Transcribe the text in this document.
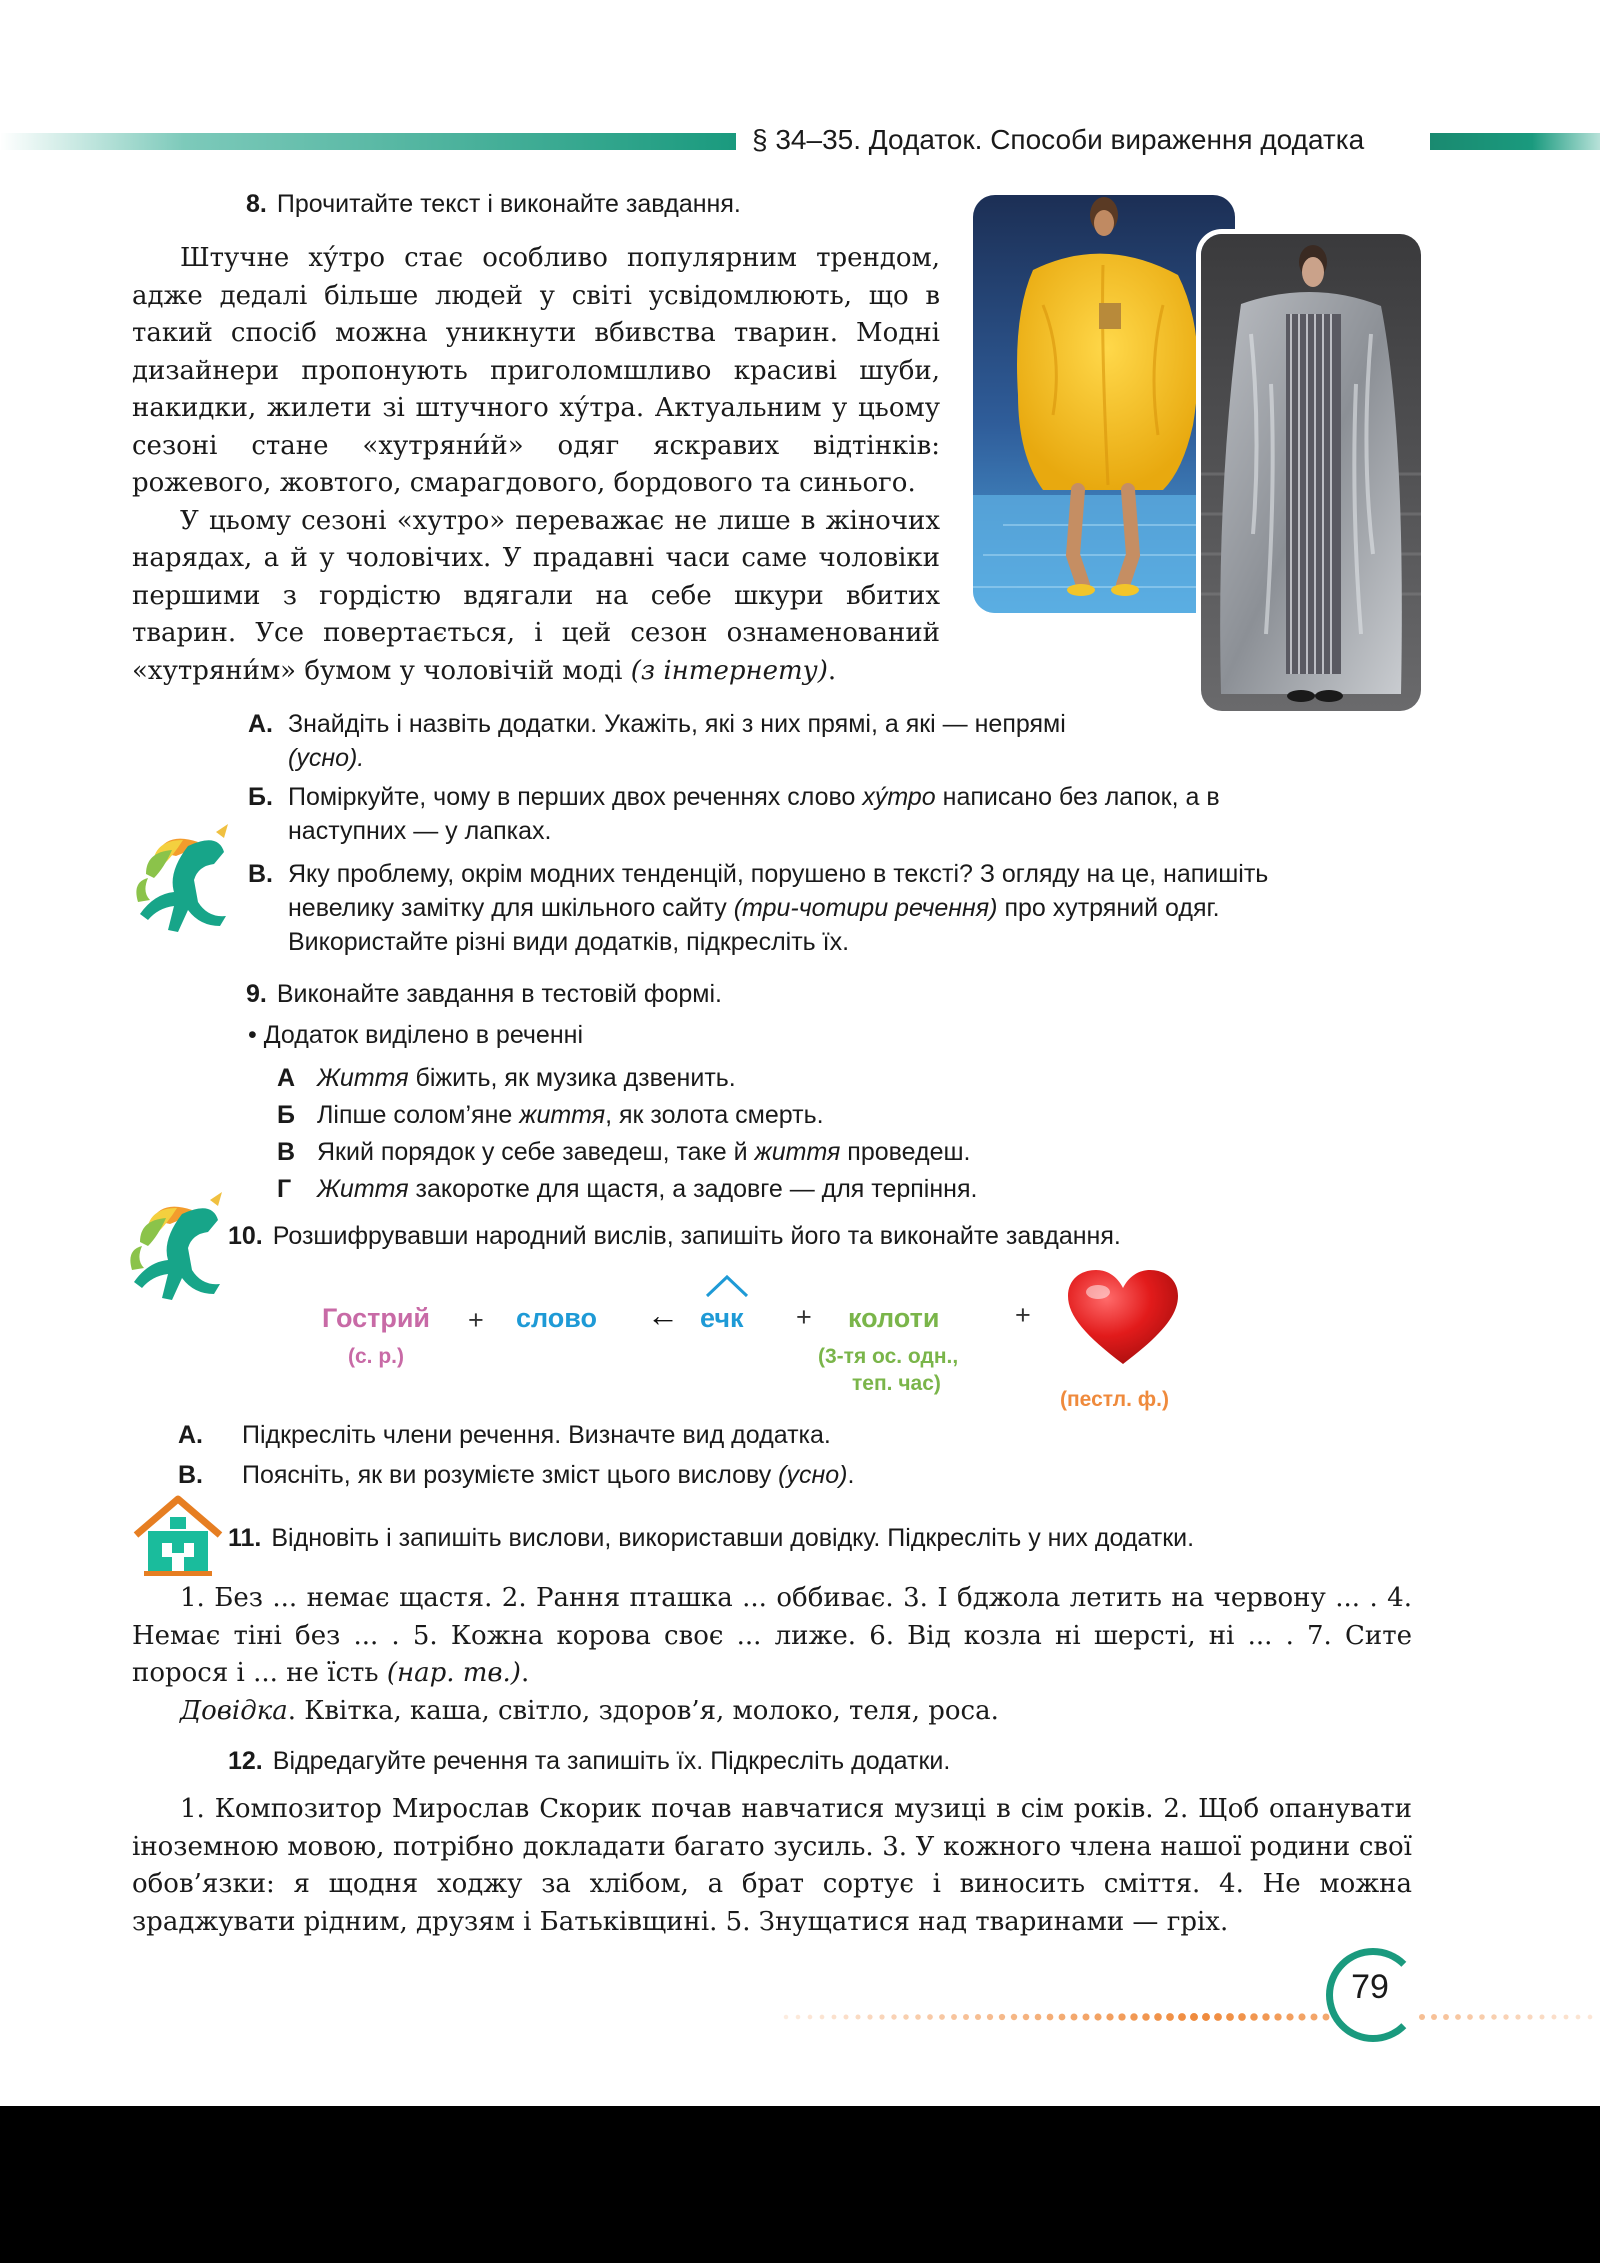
§ 34–35. Додаток. Способи вираження додатка
8. Прочитайте текст і виконайте завдання.

Штучне ху́тро стає особливо популярним трендом, адже дедалі більше людей у світі усвідомлюють, що в такий спосіб можна уникнути вбивства тварин. Модні дизайнери пропонують приголомшливо красиві шуби, накидки, жилети зі штучного ху́тра. Актуальним у цьому сезоні стане «хутряни́й» одяг яскравих відтінків: рожевого, жовтого, смарагдового, бордового та синього.

У цьому сезоні «хутро» переважає не лише в жіночих нарядах, а й у чоловічих. У прадавні часи саме чоловіки першими з гордістю вдягали на себе шкури вбитих тварин. Усе повертається, і цей сезон ознаменований «хутряни́м» бумом у чоловічій моді (з інтернету).

А. Знайдіть і назвіть додатки. Укажіть, які з них прямі, а які — непрямі
(усно).
Б. Поміркуйте, чому в перших двох реченнях слово ху́тро написано без лапок, а в наступних — у лапках.
В. Яку проблему, окрім модних тенденцій, порушено в тексті? З огляду на це, напишіть невелику замітку для шкільного сайту (три-чотири речення) про хутряний одяг. Використайте різні види додатків, підкресліть їх.
9. Виконайте завдання в тестовій формі.
• Додаток виділено в реченні
А Життя біжить, як музика дзвенить.
Б Ліпше солом’яне життя, як золота смерть.
В Який порядок у себе заведеш, таке й життя проведеш.
Г	Життя закоротке для щастя, а задовге — для терпіння.
10. Розшифрувавши народний вислів, запишіть його та виконайте завдання.
Гострий
(с. р.)
+ слово ← ечк + колоти
(3-тя ос. одн.,
теп. час)
+
(пестл. ф.)
А.	Підкресліть члени речення. Визначте вид додатка.
В.	Поясніть, як ви розумієте зміст цього вислову (усно).
11. Відновіть і запишіть вислови, використавши довідку. Підкресліть у них додатки.

1. Без ... немає щастя. 2. Рання пташка ... оббиває. 3. І бджола летить на червону ... . 4. Немає тіні без ... . 5. Кожна корова своє ... лиже. 6. Від козла ні шерсті, ні ... . 7. Сите порося і ... не їсть (нар. тв.).

Довідка. Квітка, каша, світло, здоров’я, молоко, теля, роса.

12. Відредагуйте речення та запишіть їх. Підкресліть додатки.

1. Композитор Мирослав Скорик почав навчатися музиці в сім років. 2. Щоб опанувати іноземною мовою, потрібно докладати багато зусиль. 3. У кожного члена нашої родини свої обов’язки: я щодня ходжу за хлібом, а брат сортує і виносить сміття. 4. Не можна зраджувати рідним, друзям і Батьківщині. 5. Знущатися над тваринами — гріх.

79
